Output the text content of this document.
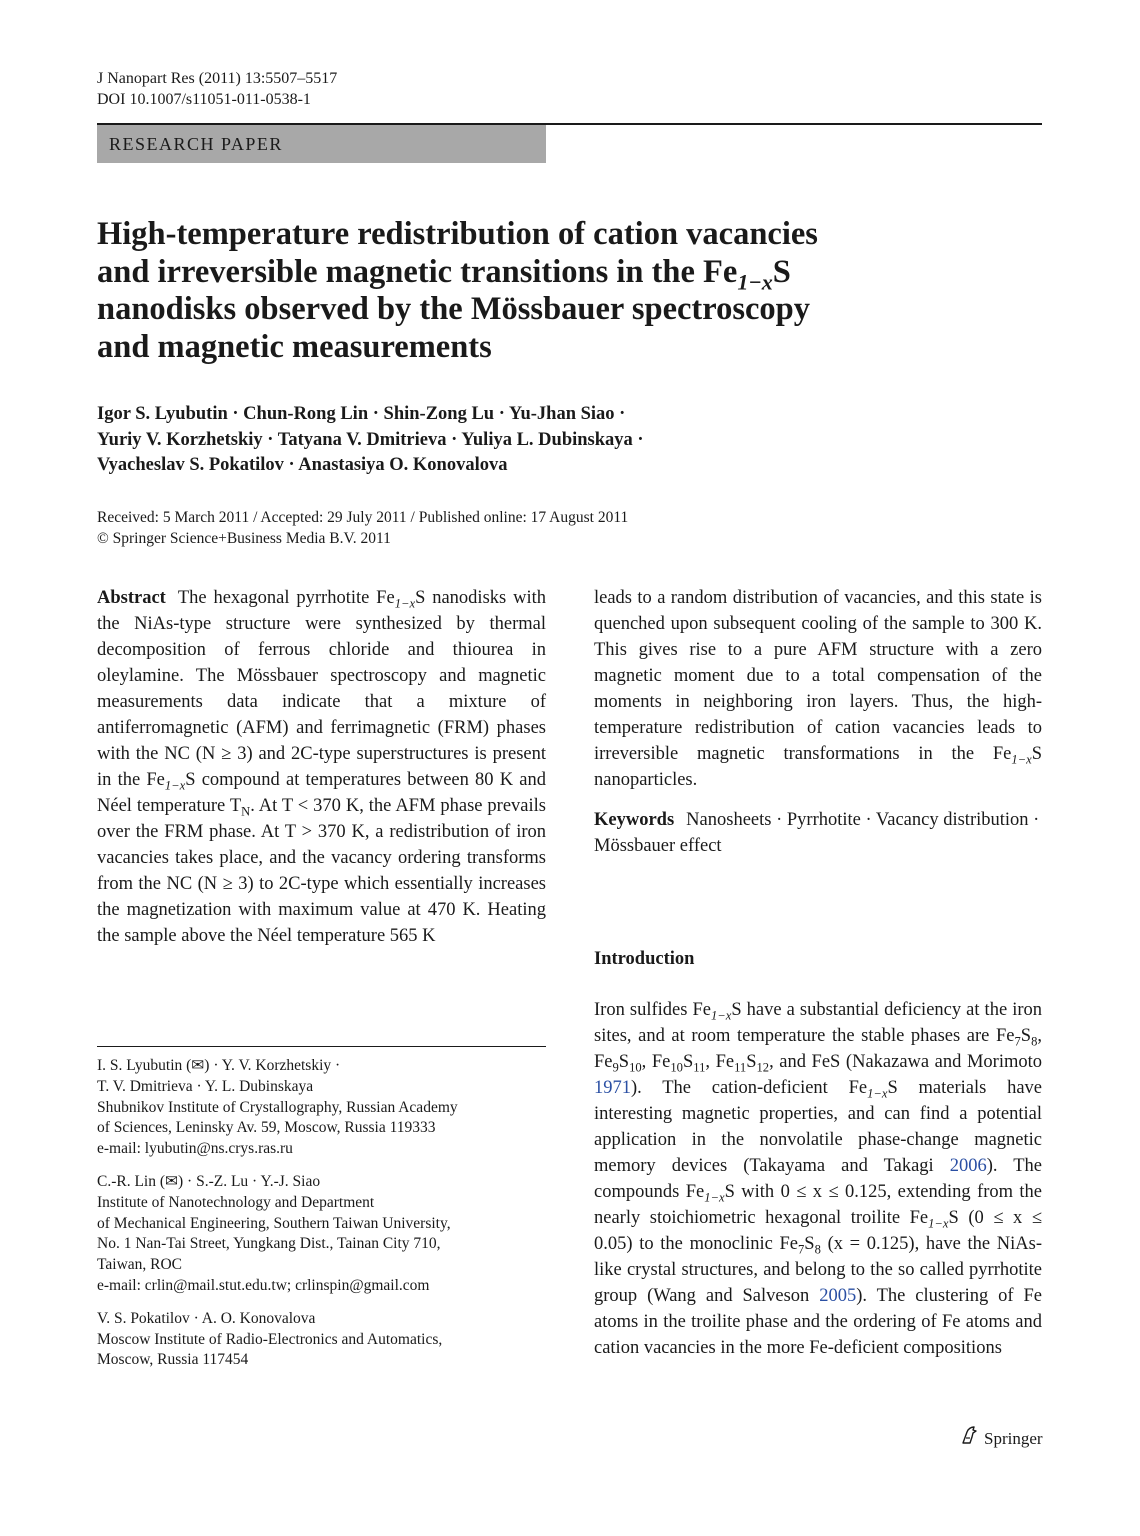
J Nanopart Res (2011) 13:5507–5517
DOI 10.1007/s11051-011-0538-1
RESEARCH PAPER
High-temperature redistribution of cation vacancies
and irreversible magnetic transitions in the $Fe_{1-x}S$
nanodisks observed by the Mössbauer spectroscopy
and magnetic measurements
Igor S. Lyubutin · Chun-Rong Lin · Shin-Zong Lu · Yu-Jhan Siao ·
Yuriy V. Korzhetskiy · Tatyana V. Dmitrieva · Yuliya L. Dubinskaya ·
Vyacheslav S. Pokatilov · Anastasiya O. Konovalova
Received: 5 March 2011 / Accepted: 29 July 2011 / Published online: 17 August 2011
© Springer Science+Business Media B.V. 2011
Abstract The hexagonal pyrrhotite $Fe_{1-x}S$ nanodisks with the NiAs-type structure were synthesized by thermal decomposition of ferrous chloride and thiourea in oleylamine. The Mössbauer spectroscopy and magnetic measurements data indicate that a mixture of antiferromagnetic (AFM) and ferrimagnetic (FRM) phases with the NC (N ≥ 3) and 2C-type superstructures is present in the $Fe_{1-x}S$ compound at temperatures between 80 K and Néel temperature $T_N$. At T < 370 K, the AFM phase prevails over the FRM phase. At T > 370 K, a redistribution of iron vacancies takes place, and the vacancy ordering transforms from the NC (N ≥ 3) to 2C-type which essentially increases the magnetization with maximum value at 470 K. Heating the sample above the Néel temperature 565 K
leads to a random distribution of vacancies, and this state is quenched upon subsequent cooling of the sample to 300 K. This gives rise to a pure AFM structure with a zero magnetic moment due to a total compensation of the moments in neighboring iron layers. Thus, the high-temperature redistribution of cation vacancies leads to irreversible magnetic transformations in the $Fe_{1-x}S$ nanoparticles.
Keywords Nanosheets · Pyrrhotite · Vacancy distribution · Mössbauer effect
Introduction
Iron sulfides $Fe_{1-x}S$ have a substantial deficiency at the iron sites, and at room temperature the stable phases are $Fe_7S_8$, $Fe_9S_{10}$, $Fe_{10}S_{11}$, $Fe_{11}S_{12}$, and FeS (Nakazawa and Morimoto 1971). The cation-deficient $Fe_{1-x}S$ materials have interesting magnetic properties, and can find a potential application in the nonvolatile phase-change magnetic memory devices (Takayama and Takagi 2006). The compounds $Fe_{1-x}S$ with 0 ≤ x ≤ 0.125, extending from the nearly stoichiometric hexagonal troilite $Fe_{1-x}S$ (0 ≤ x ≤ 0.05) to the monoclinic $Fe_7S_8$ (x = 0.125), have the NiAs-like crystal structures, and belong to the so called pyrrhotite group (Wang and Salveson 2005). The clustering of Fe atoms in the troilite phase and the ordering of Fe atoms and cation vacancies in the more Fe-deficient compositions

I. S. Lyubutin (✉) · Y. V. Korzhetskiy ·
T. V. Dmitrieva · Y. L. Dubinskaya
Shubnikov Institute of Crystallography, Russian Academy
of Sciences, Leninsky Av. 59, Moscow, Russia 119333
e-mail: lyubutin@ns.crys.ras.ru

C.-R. Lin (✉) · S.-Z. Lu · Y.-J. Siao
Institute of Nanotechnology and Department
of Mechanical Engineering, Southern Taiwan University,
No. 1 Nan-Tai Street, Yungkang Dist., Tainan City 710,
Taiwan, ROC
e-mail: crlin@mail.stut.edu.tw; crlinspin@gmail.com

V. S. Pokatilov · A. O. Konovalova
Moscow Institute of Radio-Electronics and Automatics,
Moscow, Russia 117454

Springer
